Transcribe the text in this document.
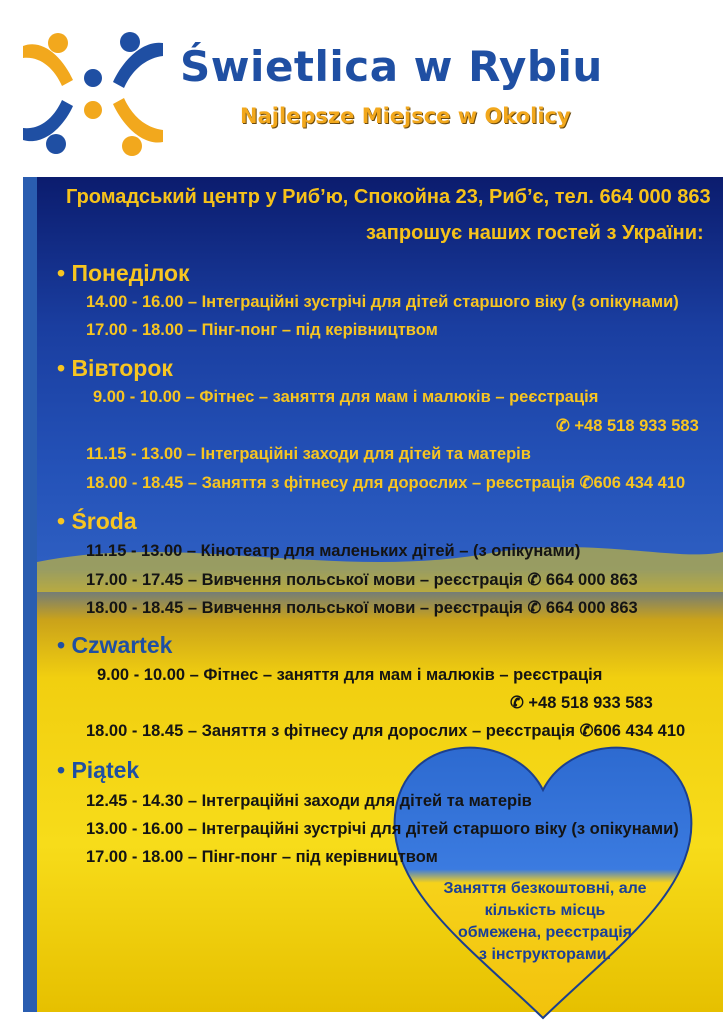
Świetlica w Rybiu
Najlepsze Miejsce w Okolicy
Громадський центр у Риб’ю, Спокойна 23, Риб’є, тел. 664 000 863
запрошує наших гостей з України:
• Понеділок
14.00 - 16.00 – Інтеграційні зустрічі для дітей старшого віку (з опікунами)
17.00 - 18.00 – Пінг-понг – під керівництвом
• Вівторок
9.00 - 10.00 – Фітнес – заняття для мам і малюків – реєстрація
✆ +48 518 933 583
11.15 - 13.00 – Інтеграційні заходи для дітей та матерів
18.00 - 18.45 – Заняття з фітнесу для дорослих – реєстрація ✆606 434 410
• Środa
11.15 - 13.00 – Кінотеатр для маленьких дітей – (з опікунами)
17.00 - 17.45 – Вивчення польської мови – реєстрація ✆ 664 000 863
18.00 - 18.45 – Вивчення польської мови – реєстрація ✆ 664 000 863
• Czwartek
9.00 - 10.00 – Фітнес – заняття для мам і малюків – реєстрація
✆ +48 518 933 583
18.00 - 18.45 – Заняття з фітнесу для дорослих – реєстрація ✆606 434 410
• Piątek
12.45 - 14.30 – Інтеграційні заходи для дітей та матерів
13.00 - 16.00 – Інтеграційні зустрічі для дітей старшого віку (з опікунами)
17.00 - 18.00 – Пінг-понг – під керівництвом
Заняття безкоштовні, але
кількість місць
обмежена, реєстрація
з інструкторами.
